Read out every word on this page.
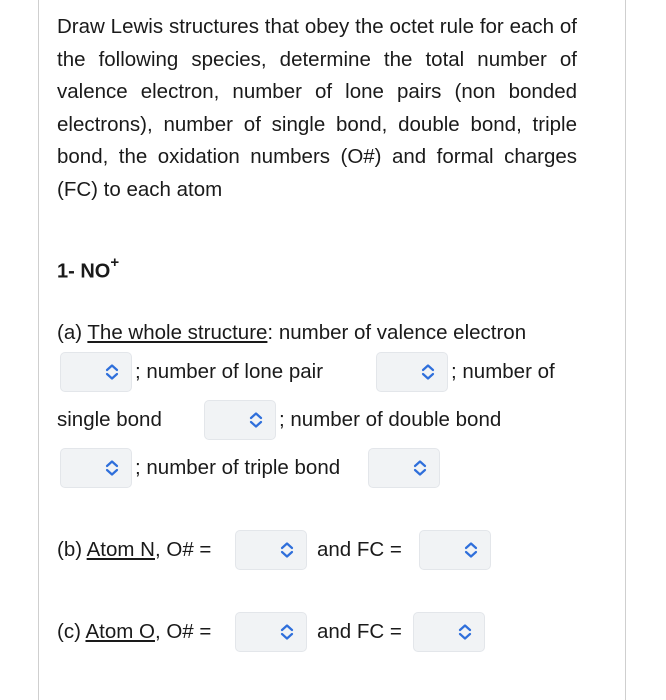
Draw Lewis structures that obey the octet rule for each of the following species, determine the total number of valence electron, number of lone pairs (non bonded electrons), number of single bond, double bond, triple bond, the oxidation numbers (O#) and formal charges (FC) to each atom
1- NO+
(a) The whole structure: number of valence electron
; number of lone pair	; number of
single bond	; number of double bond
; number of triple bond
(b) Atom N, O# =	and FC =
(c) Atom O, O# =	and FC =
